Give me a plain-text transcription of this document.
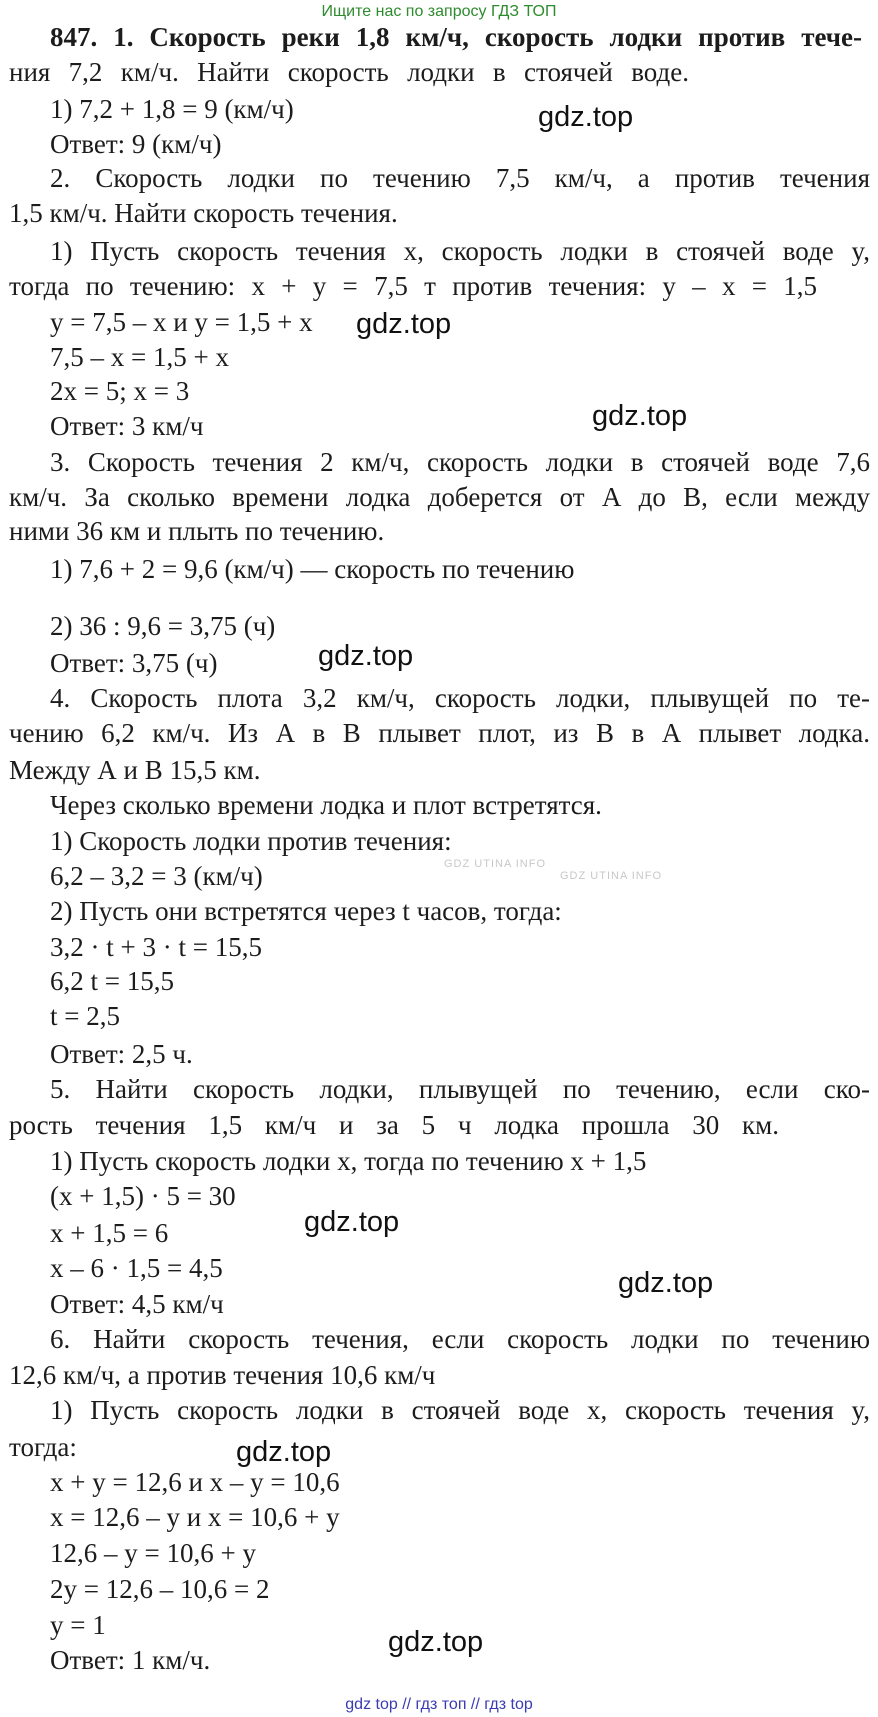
Ищите нас по запросу ГДЗ ТОП
847. 1. Скорость реки 1,8 км/ч, скорость лодки против тече-
ния 7,2 км/ч. Найти скорость лодки в стоячей воде.
1) 7,2 + 1,8 = 9 (км/ч)
Ответ: 9 (км/ч)
2. Скорость лодки по течению 7,5 км/ч, а против течения
1,5 км/ч. Найти скорость течения.
1) Пусть скорость течения x, скорость лодки в стоячей воде y,
тогда по течению: x + y = 7,5 т против течения: y – x = 1,5
y = 7,5 – x и y = 1,5 + x
7,5 – x = 1,5 + x
2x = 5; x = 3
Ответ: 3 км/ч
3. Скорость течения 2 км/ч, скорость лодки в стоячей воде 7,6
км/ч. За сколько времени лодка доберется от А до В, если между
ними 36 км и плыть по течению.
1) 7,6 + 2 = 9,6 (км/ч) — скорость по течению
2) 36 : 9,6 = 3,75 (ч)
Ответ: 3,75 (ч)
4. Скорость плота 3,2 км/ч, скорость лодки, плывущей по те-
чению 6,2 км/ч. Из А в В плывет плот, из В в А плывет лодка.
Между А и В 15,5 км.
Через сколько времени лодка и плот встретятся.
1) Скорость лодки против течения:
6,2 – 3,2 = 3 (км/ч)
2) Пусть они встретятся через t часов, тогда:
3,2 · t + 3 · t = 15,5
6,2 t = 15,5
t = 2,5
Ответ: 2,5 ч.
5. Найти скорость лодки, плывущей по течению, если ско-
рость течения 1,5 км/ч и за 5 ч лодка прошла 30 км.
1) Пусть скорость лодки x, тогда по течению x + 1,5
(x + 1,5) · 5 = 30
x + 1,5 = 6
x – 6 · 1,5 = 4,5
Ответ: 4,5 км/ч
6. Найти скорость течения, если скорость лодки по течению
12,6 км/ч, а против течения 10,6 км/ч
1) Пусть скорость лодки в стоячей воде x, скорость течения y,
тогда:
x + y = 12,6 и x – y = 10,6
x = 12,6 – y и x = 10,6 + y
12,6 – y = 10,6 + y
2y = 12,6 – 10,6 = 2
y = 1
Ответ: 1 км/ч.
gdz.top
gdz.top
gdz.top
gdz.top
gdz.top
gdz.top
gdz.top
gdz.top
GDZ UTINA INFO
GDZ UTINA INFO
gdz top // гдз топ // гдз top
